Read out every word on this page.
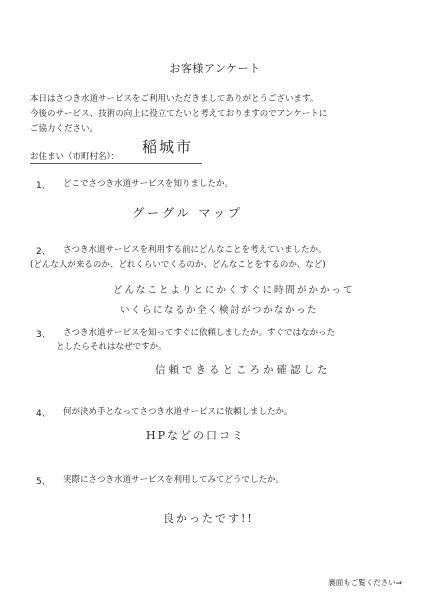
お客様アンケート
本日はさつき水道サービスをご利用いただきましてありがとうございます。
今後のサービス、技術の向上に役立てたいと考えておりますのでアンケートに
ご協力ください。
お住まい（市町村名）：
稲城市
1、 どこでさつき水道サービスを知りましたか。
グーグル マップ
2、 さつき水道サービスを利用する前にどんなことを考えていましたか。
(どんな人が来るのか、どれくらいでくるのか、どんなことをするのか、など)
どんなことよりとにかくすぐに時間がかかって
いくらになるか全く検討がつかなかった
3、 さつき水道サービスを知ってすぐに依頼しましたか。すぐではなかった
としたらそれはなぜですか。
信頼できるところか確認した
4、 何が決め手となってさつき水道サービスに依頼しましたか。
HPなどの口コミ
5、 実際にさつき水道サービスを利用してみてどうでしたか。
良かったです!!
裏面もご覧ください⇒
